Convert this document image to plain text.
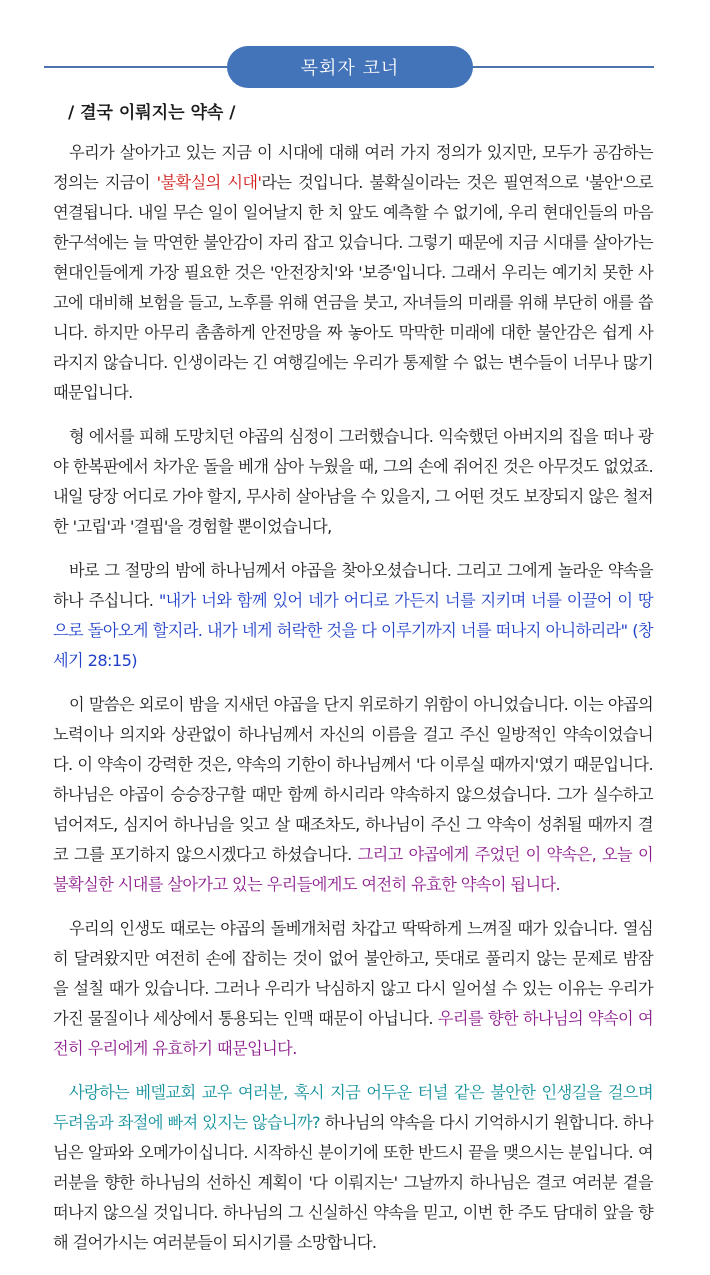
목회자 코너
/ 결국 이뤄지는 약속 /

우리가 살아가고 있는 지금 이 시대에 대해 여러 가지 정의가 있지만, 모두가 공감하는 정의는 지금이 '불확실의 시대'라는 것입니다. 불확실이라는 것은 필연적으로 '불안'으로 연결됩니다. 내일 무슨 일이 일어날지 한 치 앞도 예측할 수 없기에, 우리 현대인들의 마음 한구석에는 늘 막연한 불안감이 자리 잡고 있습니다. 그렇기 때문에 지금 시대를 살아가는 현대인들에게 가장 필요한 것은 '안전장치'와 '보증'입니다. 그래서 우리는 예기치 못한 사고에 대비해 보험을 들고, 노후를 위해 연금을 붓고, 자녀들의 미래를 위해 부단히 애를 씁니다. 하지만 아무리 촘촘하게 안전망을 짜 놓아도 막막한 미래에 대한 불안감은 쉽게 사라지지 않습니다. 인생이라는 긴 여행길에는 우리가 통제할 수 없는 변수들이 너무나 많기 때문입니다.

형 에서를 피해 도망치던 야곱의 심정이 그러했습니다. 익숙했던 아버지의 집을 떠나 광야 한복판에서 차가운 돌을 베개 삼아 누웠을 때, 그의 손에 쥐어진 것은 아무것도 없었죠. 내일 당장 어디로 가야 할지, 무사히 살아남을 수 있을지, 그 어떤 것도 보장되지 않은 철저한 '고립'과 '결핍'을 경험할 뿐이었습니다,

바로 그 절망의 밤에 하나님께서 야곱을 찾아오셨습니다. 그리고 그에게 놀라운 약속을 하나 주십니다. "내가 너와 함께 있어 네가 어디로 가든지 너를 지키며 너를 이끌어 이 땅으로 돌아오게 할지라. 내가 네게 허락한 것을 다 이루기까지 너를 떠나지 아니하리라" (창세기 28:15)

이 말씀은 외로이 밤을 지새던 야곱을 단지 위로하기 위함이 아니었습니다. 이는 야곱의 노력이나 의지와 상관없이 하나님께서 자신의 이름을 걸고 주신 일방적인 약속이었습니다. 이 약속이 강력한 것은, 약속의 기한이 하나님께서 '다 이루실 때까지'였기 때문입니다. 하나님은 야곱이 승승장구할 때만 함께 하시리라 약속하지 않으셨습니다. 그가 실수하고 넘어져도, 심지어 하나님을 잊고 살 때조차도, 하나님이 주신 그 약속이 성취될 때까지 결코 그를 포기하지 않으시겠다고 하셨습니다. 그리고 야곱에게 주었던 이 약속은, 오늘 이 불확실한 시대를 살아가고 있는 우리들에게도 여전히 유효한 약속이 됩니다.

우리의 인생도 때로는 야곱의 돌베개처럼 차갑고 딱딱하게 느껴질 때가 있습니다. 열심히 달려왔지만 여전히 손에 잡히는 것이 없어 불안하고, 뜻대로 풀리지 않는 문제로 밤잠을 설칠 때가 있습니다. 그러나 우리가 낙심하지 않고 다시 일어설 수 있는 이유는 우리가 가진 물질이나 세상에서 통용되는 인맥 때문이 아닙니다. 우리를 향한 하나님의 약속이 여전히 우리에게 유효하기 때문입니다.

사랑하는 베델교회 교우 여러분, 혹시 지금 어두운 터널 같은 불안한 인생길을 걸으며 두려움과 좌절에 빠져 있지는 않습니까? 하나님의 약속을 다시 기억하시기 원합니다. 하나님은 알파와 오메가이십니다. 시작하신 분이기에 또한 반드시 끝을 맺으시는 분입니다. 여러분을 향한 하나님의 선하신 계획이 '다 이뤄지는' 그날까지 하나님은 결코 여러분 곁을 떠나지 않으실 것입니다. 하나님의 그 신실하신 약속을 믿고, 이번 한 주도 담대히 앞을 향해 걸어가시는 여러분들이 되시기를 소망합니다.
